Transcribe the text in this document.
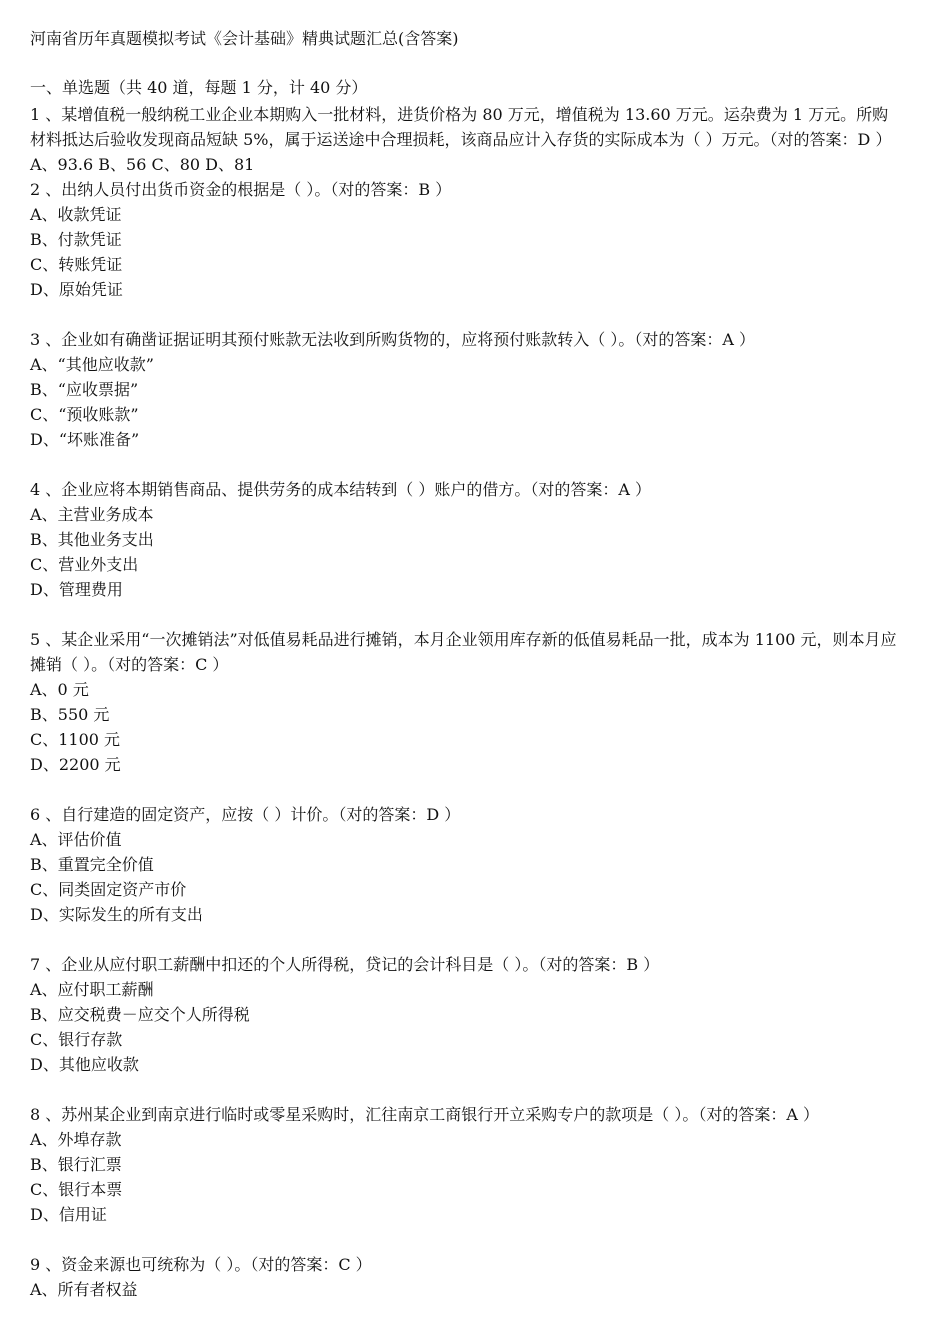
河南省历年真题模拟考试《会计基础》精典试题汇总(含答案)
一、单选题（共 40 道，每题 1 分，计 40 分）
1 、某增值税一般纳税工业企业本期购入一批材料，进货价格为 80 万元，增值税为 13.60 万元。运杂费为 1 万元。所购材料抵达后验收发现商品短缺 5%，属于运送途中合理损耗，该商品应计入存货的实际成本为（ ）万元。（对的答案：D ）
A、93.6 B、56 C、80 D、81
2 、出纳人员付出货币资金的根据是（ ）。（对的答案：B ）
A、收款凭证
B、付款凭证
C、转账凭证
D、原始凭证
3 、企业如有确凿证据证明其预付账款无法收到所购货物的，应将预付账款转入（ ）。（对的答案：A ）
A、“其他应收款”
B、“应收票据”
C、“预收账款”
D、“坏账准备”
4 、企业应将本期销售商品、提供劳务的成本结转到（ ）账户的借方。（对的答案：A ）
A、主营业务成本
B、其他业务支出
C、营业外支出
D、管理费用
5 、某企业采用“一次摊销法”对低值易耗品进行摊销，本月企业领用库存新的低值易耗品一批，成本为 1100 元，则本月应摊销（ ）。（对的答案：C ）
A、0 元
B、550 元
C、1100 元
D、2200 元
6 、自行建造的固定资产，应按（ ）计价。（对的答案：D ）
A、评估价值
B、重置完全价值
C、同类固定资产市价
D、实际发生的所有支出
7 、企业从应付职工薪酬中扣还的个人所得税，贷记的会计科目是（ ）。（对的答案：B ）
A、应付职工薪酬
B、应交税费－应交个人所得税
C、银行存款
D、其他应收款
8 、苏州某企业到南京进行临时或零星采购时，汇往南京工商银行开立采购专户的款项是（ ）。（对的答案：A ）
A、外埠存款
B、银行汇票
C、银行本票
D、信用证
9 、资金来源也可统称为（ ）。（对的答案：C ）
A、所有者权益
